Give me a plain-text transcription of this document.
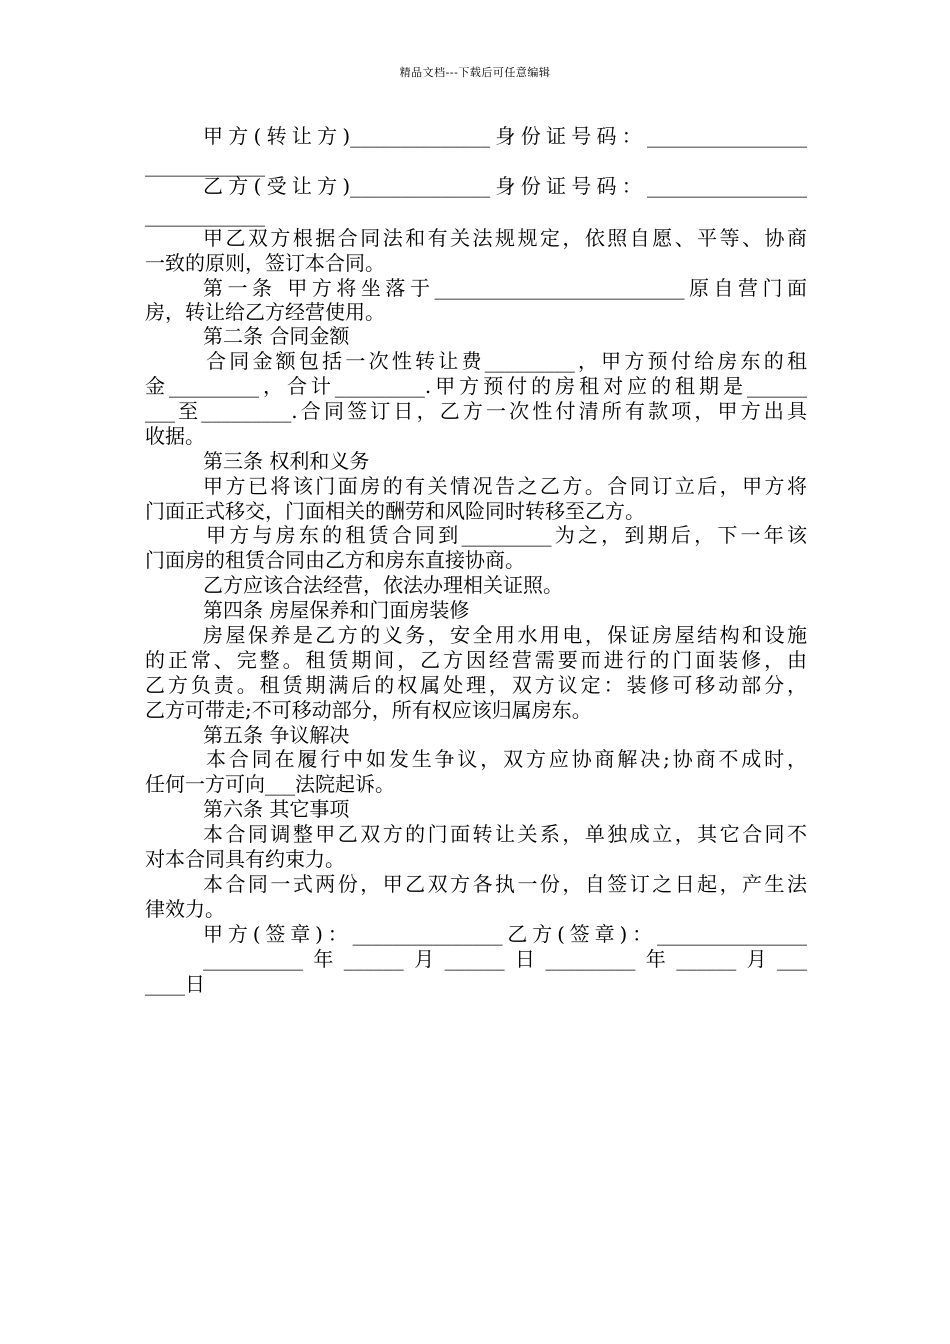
精品文档---下载后可任意编辑
甲方(转让方)______________身份证号码：________________
____________
乙方(受让方)______________身份证号码：________________
____________
甲乙双方根据合同法和有关法规规定，依照自愿、平等、协商
一致的原则，签订本合同。
第一条 甲方将坐落于_________________________原自营门面
房，转让给乙方经营使用。
第二条 合同金额
合同金额包括一次性转让费_________，甲方预付给房东的租
金_________，合计_________.甲方预付的房租对应的租期是______
___至_________.合同签订日，乙方一次性付清所有款项，甲方出具
收据。
第三条 权利和义务
甲方已将该门面房的有关情况告之乙方。合同订立后，甲方将
门面正式移交，门面相关的酬劳和风险同时转移至乙方。
甲方与房东的租赁合同到_________为之，到期后，下一年该
门面房的租赁合同由乙方和房东直接协商。
乙方应该合法经营，依法办理相关证照。
第四条 房屋保养和门面房装修
房屋保养是乙方的义务，安全用水用电，保证房屋结构和设施
的正常、完整。租赁期间，乙方因经营需要而进行的门面装修，由
乙方负责。租赁期满后的权属处理，双方议定：装修可移动部分，
乙方可带走;不可移动部分，所有权应该归属房东。
第五条 争议解决
本合同在履行中如发生争议，双方应协商解决;协商不成时，
任何一方可向___法院起诉。
第六条 其它事项
本合同调整甲乙双方的门面转让关系，单独成立，其它合同不
对本合同具有约束力。
本合同一式两份，甲乙双方各执一份，自签订之日起，产生法
律效力。
甲方(签章)：_______________乙方(签章)：_______________
__________年______月______日_________年______月___
____日
